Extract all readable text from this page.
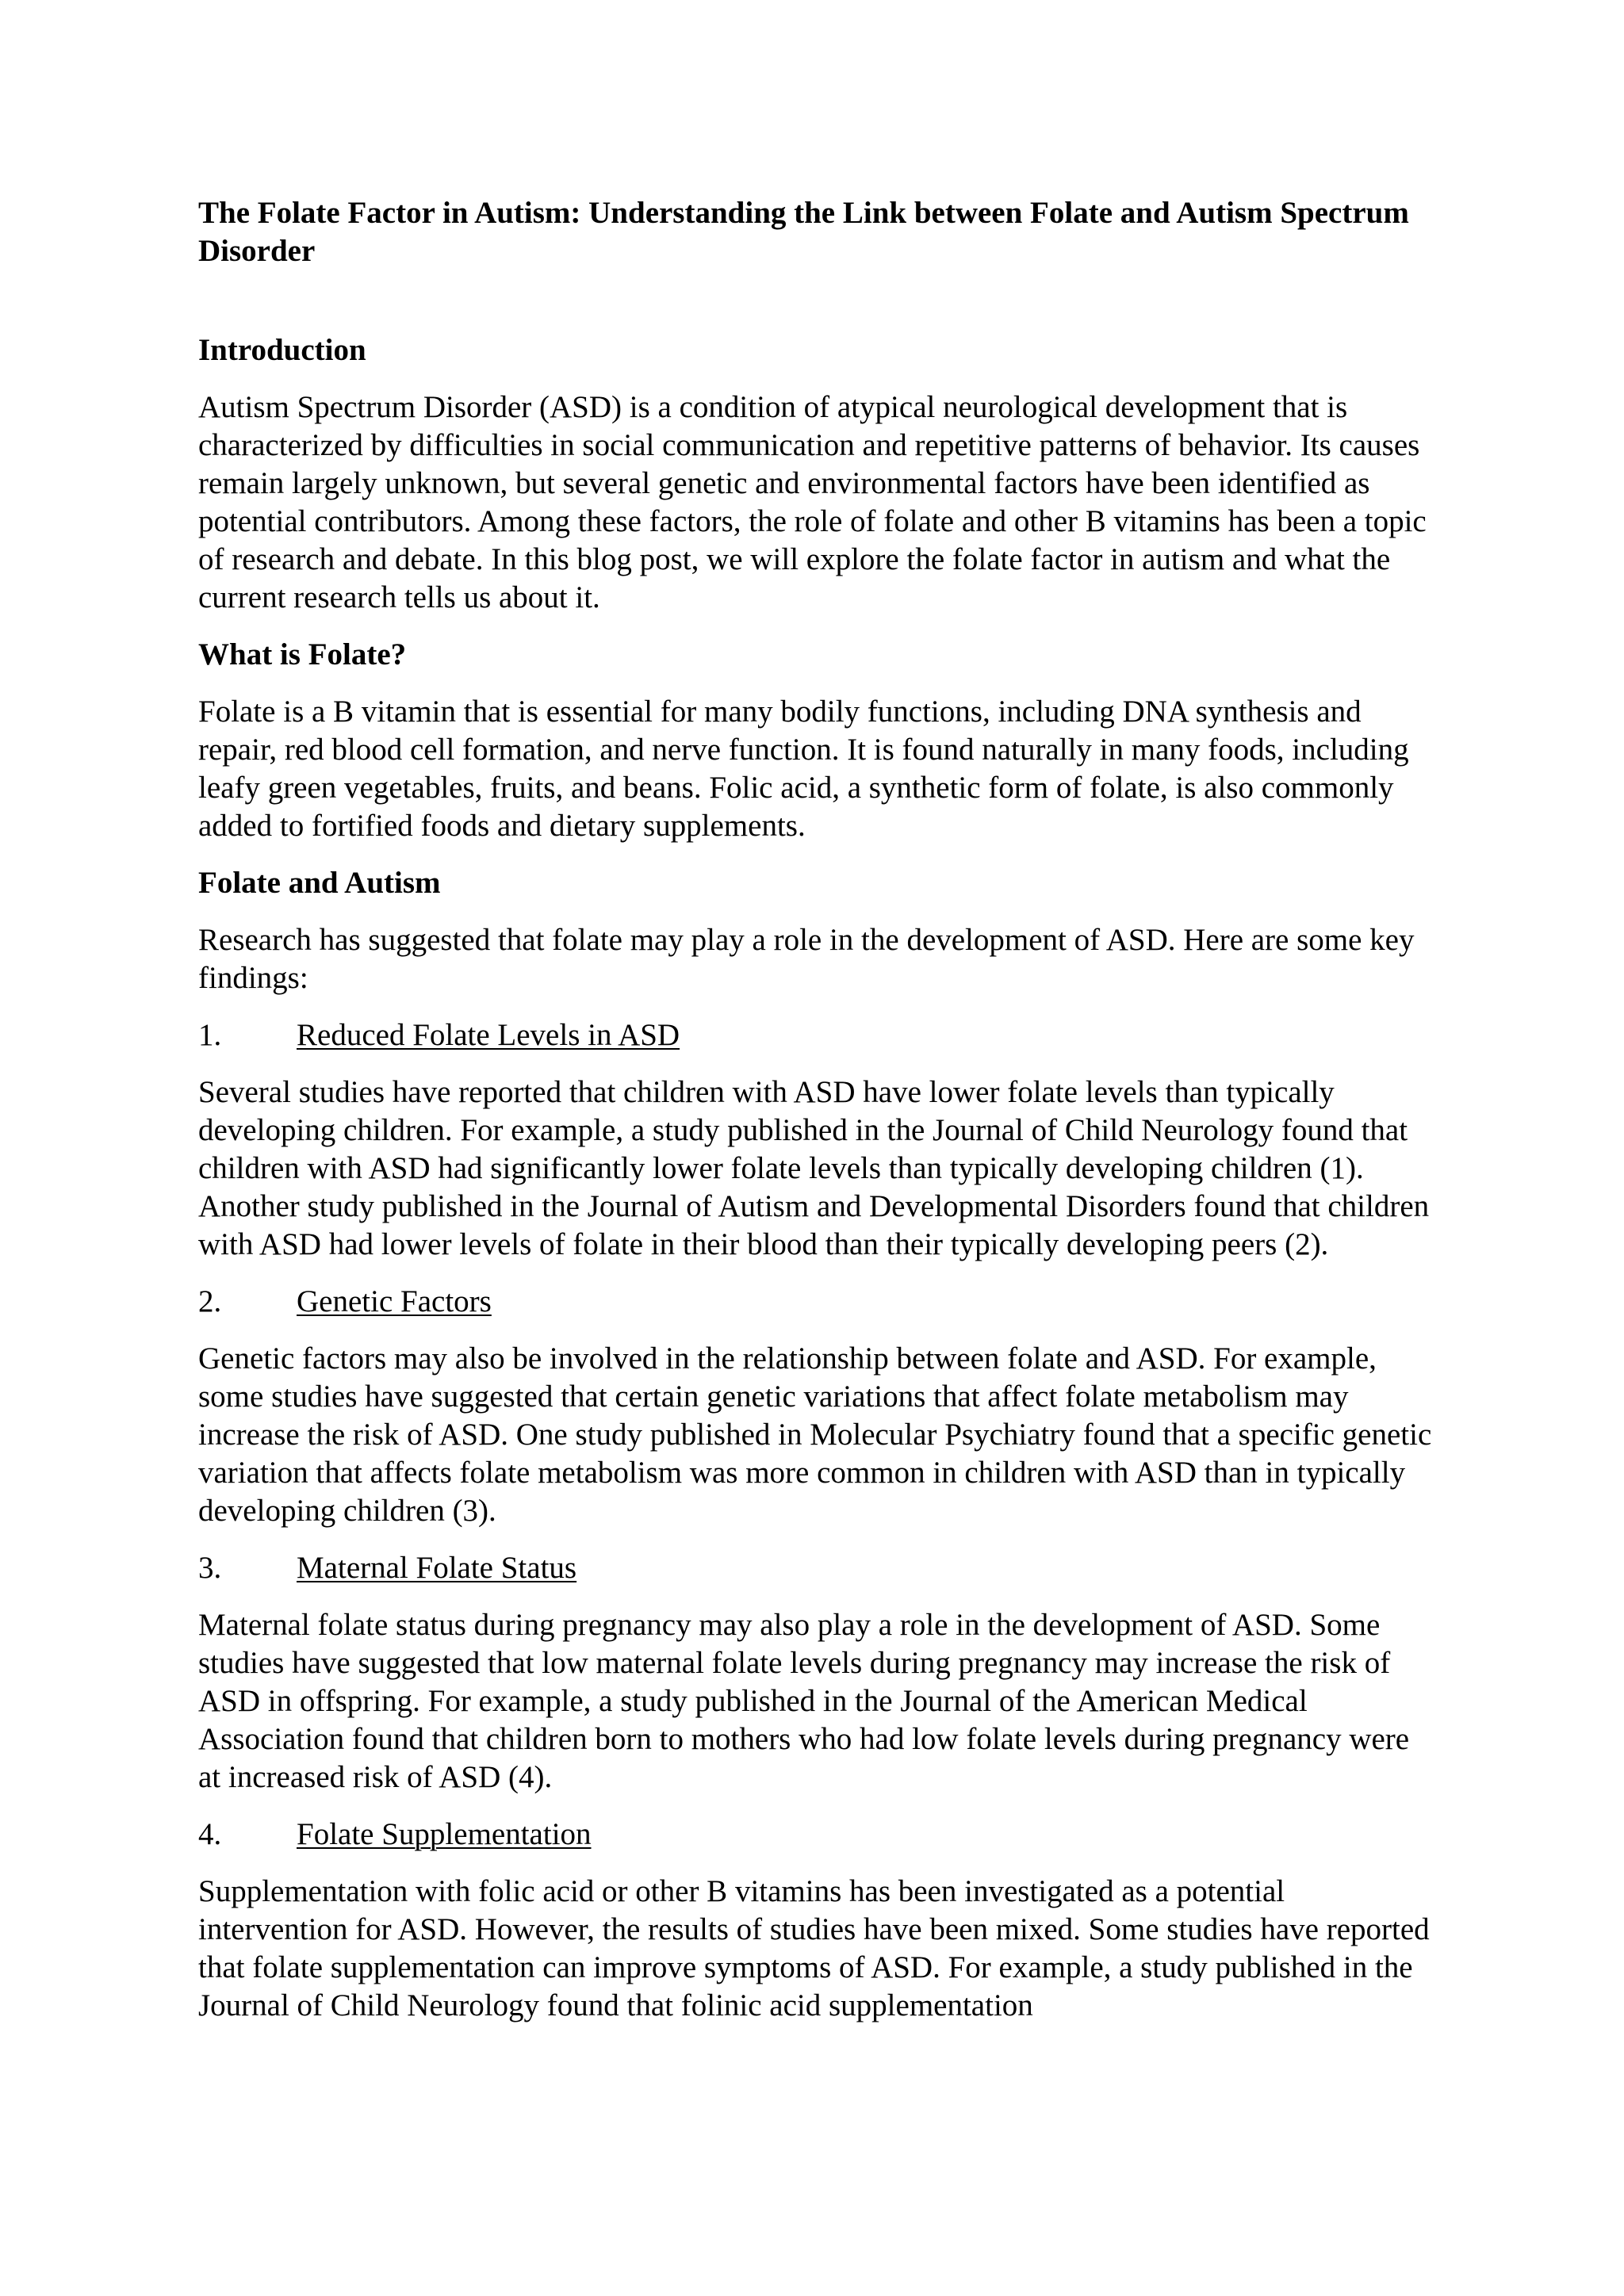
The Folate Factor in Autism: Understanding the Link between Folate and Autism Spectrum Disorder

Introduction

Autism Spectrum Disorder (ASD) is a condition of atypical neurological development that is characterized by difficulties in social communication and repetitive patterns of behavior. Its causes remain largely unknown, but several genetic and environmental factors have been identified as potential contributors. Among these factors, the role of folate and other B vitamins has been a topic of research and debate. In this blog post, we will explore the folate factor in autism and what the current research tells us about it.

What is Folate?

Folate is a B vitamin that is essential for many bodily functions, including DNA synthesis and repair, red blood cell formation, and nerve function. It is found naturally in many foods, including leafy green vegetables, fruits, and beans. Folic acid, a synthetic form of folate, is also commonly added to fortified foods and dietary supplements.

Folate and Autism

Research has suggested that folate may play a role in the development of ASD. Here are some key findings:

1.	Reduced Folate Levels in ASD

Several studies have reported that children with ASD have lower folate levels than typically developing children. For example, a study published in the Journal of Child Neurology found that children with ASD had significantly lower folate levels than typically developing children (1). Another study published in the Journal of Autism and Developmental Disorders found that children with ASD had lower levels of folate in their blood than their typically developing peers (2).

2.	Genetic Factors

Genetic factors may also be involved in the relationship between folate and ASD. For example, some studies have suggested that certain genetic variations that affect folate metabolism may increase the risk of ASD. One study published in Molecular Psychiatry found that a specific genetic variation that affects folate metabolism was more common in children with ASD than in typically developing children (3).

3.	Maternal Folate Status

Maternal folate status during pregnancy may also play a role in the development of ASD. Some studies have suggested that low maternal folate levels during pregnancy may increase the risk of ASD in offspring. For example, a study published in the Journal of the American Medical Association found that children born to mothers who had low folate levels during pregnancy were at increased risk of ASD (4).

4.	Folate Supplementation

Supplementation with folic acid or other B vitamins has been investigated as a potential intervention for ASD. However, the results of studies have been mixed. Some studies have reported that folate supplementation can improve symptoms of ASD. For example, a study published in the Journal of Child Neurology found that folinic acid supplementation
